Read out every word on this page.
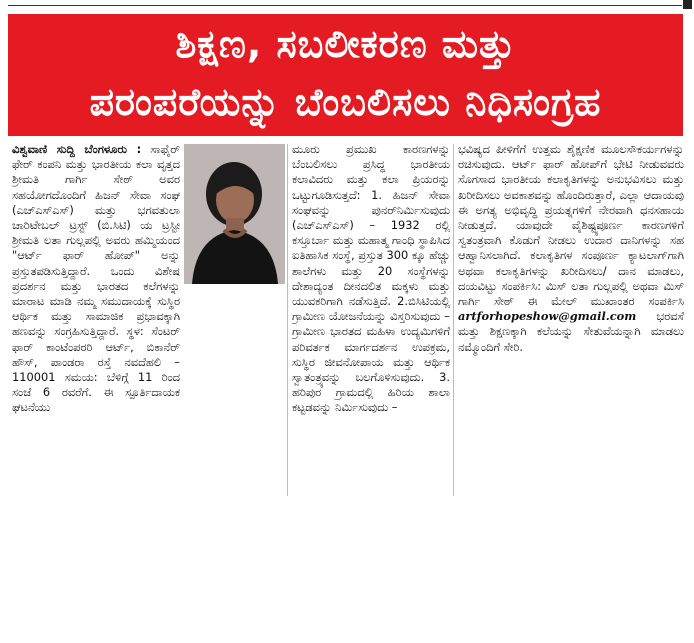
ಶಿಕ್ಷಣ, ಸಬಲೀಕರಣ ಮತ್ತು
ಪರಂಪರೆಯನ್ನು ಬೆಂಬಲಿಸಲು ನಿಧಿಸಂಗ್ರಹ

ವಿಶ್ವವಾಣಿ ಸುದ್ದಿ ಬೆಂಗಳೂರು : ಸಾಫೈರ್ ಫೇರ್ ಕಂಪನಿ ಮತ್ತು ಭಾರತೀಯ ಕಲಾ ವೃತ್ತದ ಶ್ರೀಮತಿ ಗಾರ್ಗಿ ಸೇಠ್ ಅವರ ಸಹಯೋಗದೊಂದಿಗೆ ಹಿಜನ್ ಸೇವಾ ಸಂಘ (ಎಚ್‌ಎಸ್‌ಎಸ್) ಮತ್ತು ಭಗವತುಲಾ ಚಾರಿಟೇಬಲ್ ಟ್ರಸ್ಟ್ (ಬಿ.ಸಿಟಿ) ಯ ಟ್ರಸ್ಟೀ ಶ್ರೀಮತಿ ಲತಾ ಗುಲ್ಲಪಲ್ಲಿ ಅವರು ಹಮ್ಮಿಯಂದ "ಆರ್ಟ್ ಫಾರ್ ಹೋಪ್" ಅನ್ನು ಪ್ರಸ್ತುತಪಡಿಸುತ್ತಿದ್ದಾರೆ. ಒಂದು ವಿಶೇಷ ಪ್ರದರ್ಶನ ಮತ್ತು ಭಾರತದ ಕಲೆಗಳನ್ನು ಮಾರಾಟ ಮಾಡಿ ನಮ್ಮ ಸಮುದಾಯಕ್ಕೆ ಸುಸ್ಥಿರ ಆರ್ಥಿಕ ಮತ್ತು ಸಾಮಾಜಿಕ ಪ್ರಭಾವಕ್ಕಾಗಿ ಹಣವನ್ನು ಸಂಗ್ರಹಿಸುತ್ತಿದ್ದಾರೆ. ಸ್ಥಳ: ಸೆಂಟರ್ ಫಾರ್ ಕಾಂಟೆಂಪರರಿ ಆರ್ಟ್, ಬಿಕಾನೆರ್ ಹೌಸ್, ಪಾಂಡರಾ ರಸ್ತೆ ನವದೆಹಲಿ – 110001 ಸಮಯ: ಬೆಳಿಗ್ಗೆ 11 ರಿಂದ ಸಂಜೆ 6 ರವರೆಗೆ. ಈ ಸ್ಪೂರ್ತಿದಾಯಕ ಘಟನೆಯು

ಮೂರು ಪ್ರಮುಖ ಕಾರಣಗಳನ್ನು ಬೆಂಬಲಿಸಲು ಪ್ರಸಿದ್ಧ ಭಾರತೀಯ ಕಲಾವಿದರು ಮತ್ತು ಕಲಾ ಪ್ರಿಯರನ್ನು ಒಟ್ಟುಗೂಡಿಸುತ್ತದೆ: 1. ಹಿಜನ್ ಸೇವಾ ಸಂಘವನ್ನು ಪುನರ್‌ನಿರ್ಮಿಸುವುದು (ಎಚ್‌ಎಸ್‌ಎಸ್) – 1932 ರಲ್ಲಿ ಕಸ್ತೂರ್ಬಾ ಮತ್ತು ಮಹಾತ್ಮ ಗಾಂಧಿ ಸ್ಥಾಪಿಸಿದ ಐತಿಹಾಸಿಕ ಸಂಸ್ಥೆ, ಪ್ರಸ್ತುತ 300 ಕ್ಕೂ ಹೆಚ್ಚು ಶಾಲೆಗಳು ಮತ್ತು 20 ಸಂಸ್ಥೆಗಳನ್ನು ದೇಶಾದ್ಯಂತ ದೀನದಲಿತ ಮಕ್ಕಳು ಮತ್ತು ಯುವಕರಿಗಾಗಿ ನಡೆಸುತ್ತಿದೆ. 2.ಬಿಸಿಟಿಯಲ್ಲಿ ಗ್ರಾಮೀಣ ಯೋಜನೆಯನ್ನು ವಿಸ್ತರಿಸುವುದು – ಗ್ರಾಮೀಣ ಭಾರತದ ಮಹಿಳಾ ಉದ್ಯಮಿಗಳಿಗೆ ಪರಿವರ್ತಕ ಮಾರ್ಗದರ್ಶನ ಉಪಕ್ರಮ, ಸುಸ್ಥಿರ ಜೀವನೋಪಾಯ ಮತ್ತು ಆರ್ಥಿಕ ಸ್ವಾತಂತ್ರ್ಯವನ್ನು ಬಲಗೊಳಿಸುವುದು. 3. ಹರಿಪುರ ಗ್ರಾಮದಲ್ಲಿ ಹಿರಿಯ ಶಾಲಾ ಕಟ್ಟಡವನ್ನು ನಿರ್ಮಿಸುವುದು –

ಭವಿಷ್ಯದ ಪೀಳಿಗೆಗೆ ಉತ್ತಮ ಶೈಕ್ಷಣಿಕ ಮೂಲಸೌಕರ್ಯಗಳನ್ನು ರಚಿಸುವುದು. ಆರ್ಟ್ ಫಾರ್ ಹೋಪ್‌ಗೆ ಭೇಟಿ ನೀಡುವವರು ಸೊಗಸಾದ ಭಾರತೀಯ ಕಲಾಕೃತಿಗಳನ್ನು ಅನುಭವಿಸಲು ಮತ್ತು ಖರೀದಿಸಲು ಅವಕಾಶವನ್ನು ಹೊಂದಿರುತ್ತಾರೆ, ಎಲ್ಲಾ ಆದಾಯವು ಈ ಅಗತ್ಯ ಅಭಿವೃದ್ಧಿ ಪ್ರಯತ್ನಗಳಿಗೆ ನೇರವಾಗಿ ಧನಸಹಾಯ ನೀಡುತ್ತದೆ. ಯಾವುದೇ ವೈಶಿಷ್ಟ್ಯಪೂರ್ಣ ಕಾರಣಗಳಿಗೆ ಸ್ವತಂತ್ರವಾಗಿ ಕೊಡುಗೆ ನೀಡಲು ಉದಾರ ದಾನಿಗಳನ್ನು ಸಹ ಆಹ್ವಾನಿಸಲಾಗಿದೆ. ಕಲಾಕೃತಿಗಳ ಸಂಪೂರ್ಣ ಕ್ಯಾಟಲಾಗ್‌ಗಾಗಿ ಅಥವಾ ಕಲಾಕೃತಿಗಳನ್ನು ಖರೀದಿಸಲು/ ದಾನ ಮಾಡಲು, ದಯವಿಟ್ಟು ಸಂಪರ್ಕಿಸಿ: ಮಿಸ್ ಲತಾ ಗುಲ್ಲಪಲ್ಲಿ ಅಥವಾ ಮಿಸ್ ಗಾರ್ಗಿ ಸೇಠ್ ಈ ಮೇಲ್ ಮುಖಾಂತರ ಸಂಪರ್ಕಿಸಿ artforhopeshow@gmail.com ಭರವಸೆ ಮತ್ತು ಶಿಕ್ಷಣಕ್ಕಾಗಿ ಕಲೆಯನ್ನು ಸೇತುವೆಯನ್ನಾಗಿ ಮಾಡಲು ನಮ್ಮೊಂದಿಗೆ ಸೇರಿ.
